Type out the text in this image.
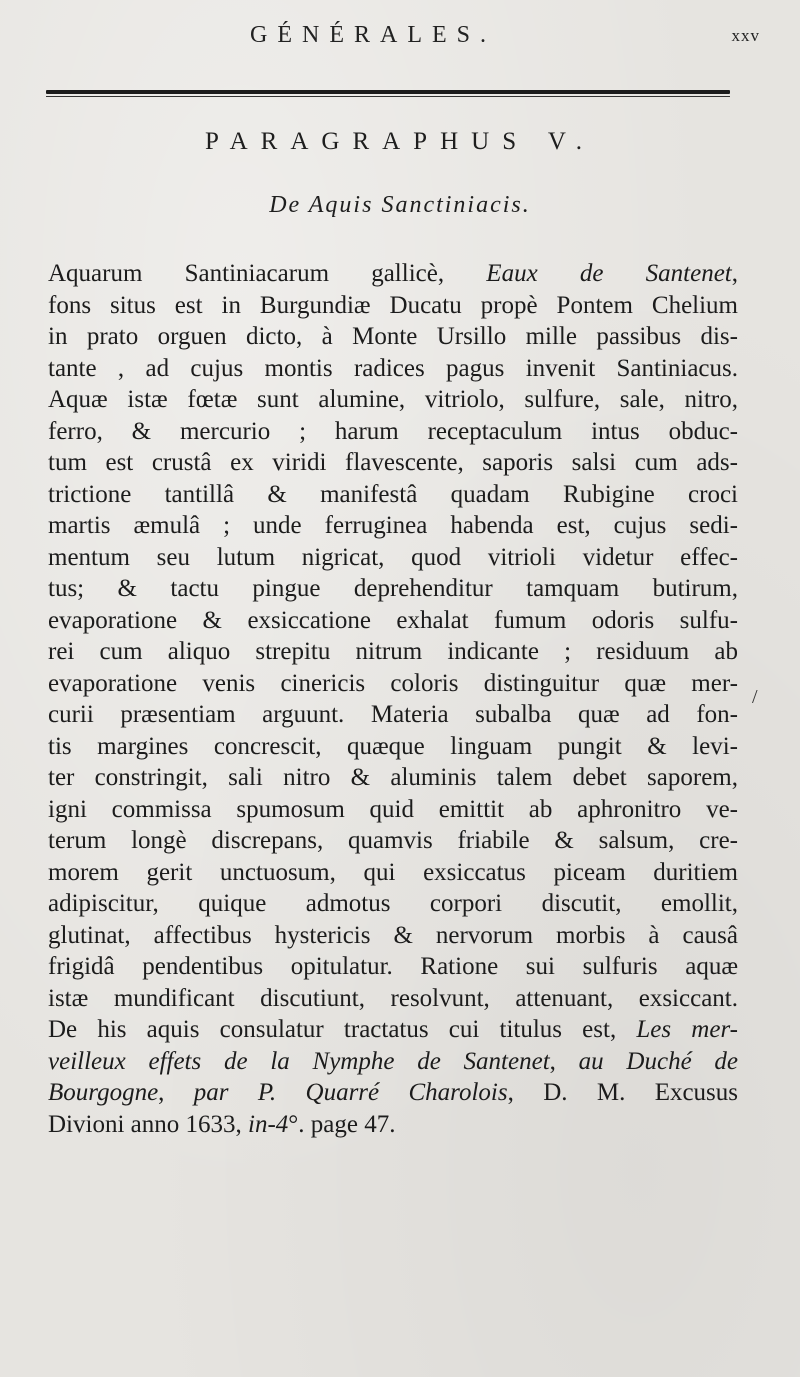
GÉNÉRALES.	xxv
PARAGRAPHUS V.
De Aquis Sanctiniacis.
Aquarum Santiniacarum gallicè, Eaux de Santenet,
fons situs est in Burgundiæ Ducatu propè Pontem Chelium
in prato orguen dicto, à Monte Ursillo mille passibus dis-
tante , ad cujus montis radices pagus invenit Santiniacus.
Aquæ istæ fœtæ sunt alumine, vitriolo, sulfure, sale, nitro,
ferro, & mercurio ; harum receptaculum intus obduc-
tum est crustâ ex viridi flavescente, saporis salsi cum ads-
trictione tantillâ & manifestâ quadam Rubigine croci
martis æmulâ ; unde ferruginea habenda est, cujus sedi-
mentum seu lutum nigricat, quod vitrioli videtur effec-
tus; & tactu pingue deprehenditur tamquam butirum,
evaporatione & exsiccatione exhalat fumum odoris sulfu-
rei cum aliquo strepitu nitrum indicante ; residuum ab
evaporatione venis cinericis coloris distinguitur quæ mer-
curii præsentiam arguunt. Materia subalba quæ ad fon-
tis margines concrescit, quæque linguam pungit & levi-
ter constringit, sali nitro & aluminis talem debet saporem,
igni commissa spumosum quid emittit ab aphronitro ve-
terum longè discrepans, quamvis friabile & salsum, cre-
morem gerit unctuosum, qui exsiccatus piceam duritiem
adipiscitur, quique admotus corpori discutit, emollit,
glutinat, affectibus hystericis & nervorum morbis à causâ
frigidâ pendentibus opitulatur. Ratione sui sulfuris aquæ
istæ mundificant discutiunt, resolvunt, attenuant, exsiccant.
De his aquis consulatur tractatus cui titulus est, Les mer-
veilleux effets de la Nymphe de Santenet, au Duché de
Bourgogne, par P. Quarré Charolois, D. M. Excusus
Divioni anno 1633, in-4°. page 47.
/
